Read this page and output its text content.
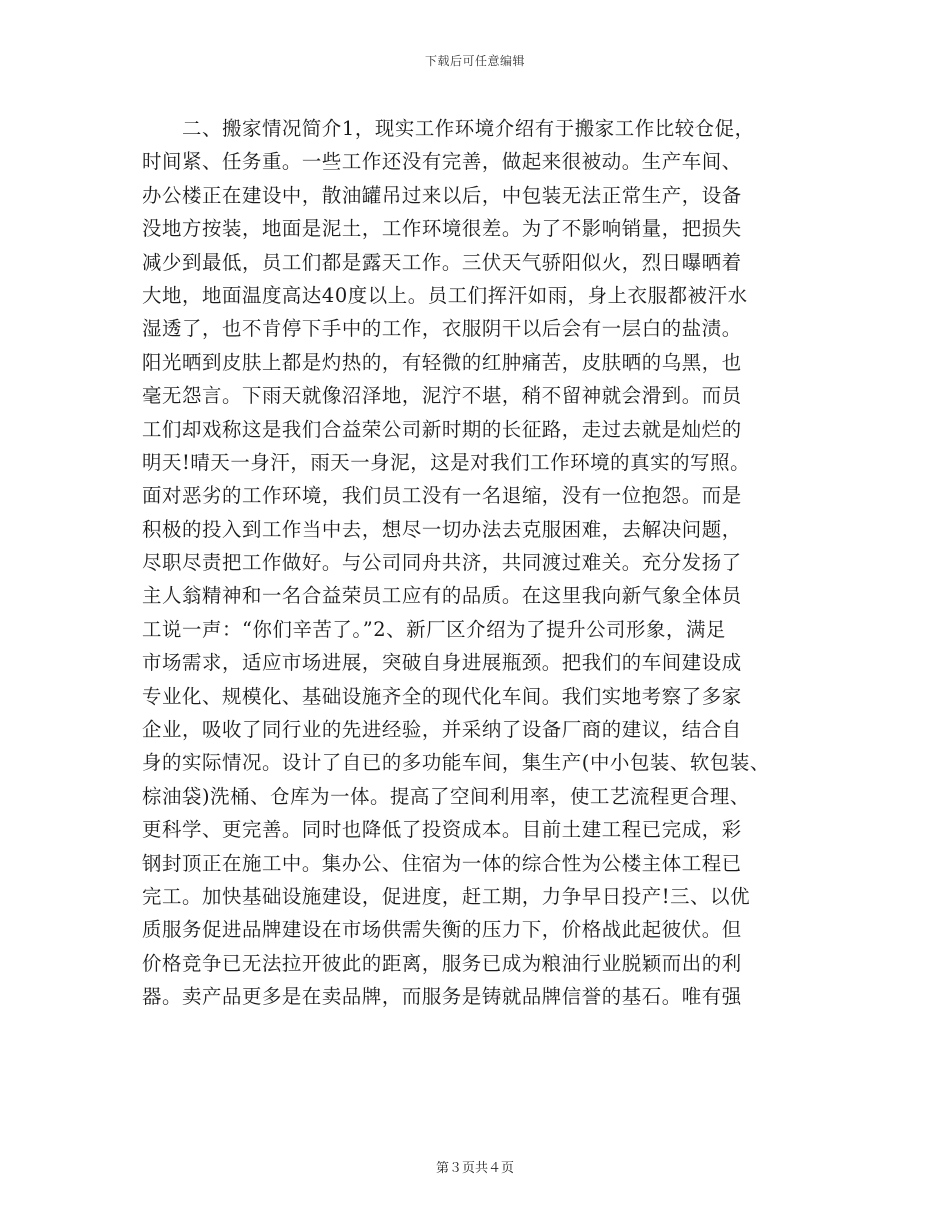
下载后可任意编辑
　　二、搬家情况简介1，现实工作环境介绍有于搬家工作比较仓促，
时间紧、任务重。一些工作还没有完善，做起来很被动。生产车间、
办公楼正在建设中，散油罐吊过来以后，中包装无法正常生产，设备
没地方按装，地面是泥土，工作环境很差。为了不影响销量，把损失
减少到最低，员工们都是露天工作。三伏天气骄阳似火，烈日曝晒着
大地，地面温度高达40度以上。员工们挥汗如雨，身上衣服都被汗水
湿透了，也不肯停下手中的工作，衣服阴干以后会有一层白的盐渍。
阳光晒到皮肤上都是灼热的，有轻微的红肿痛苦，皮肤晒的乌黑，也
毫无怨言。下雨天就像沼泽地，泥泞不堪，稍不留神就会滑到。而员
工们却戏称这是我们合益荣公司新时期的长征路，走过去就是灿烂的
明天!晴天一身汗，雨天一身泥，这是对我们工作环境的真实的写照。
面对恶劣的工作环境，我们员工没有一名退缩，没有一位抱怨。而是
积极的投入到工作当中去，想尽一切办法去克服困难，去解决问题，
尽职尽责把工作做好。与公司同舟共济，共同渡过难关。充分发扬了
主人翁精神和一名合益荣员工应有的品质。在这里我向新气象全体员
工说一声：“你们辛苦了。”2、新厂区介绍为了提升公司形象，满足
市场需求，适应市场进展，突破自身进展瓶颈。把我们的车间建设成
专业化、规模化、基础设施齐全的现代化车间。我们实地考察了多家
企业，吸收了同行业的先进经验，并采纳了设备厂商的建议，结合自
身的实际情况。设计了自已的多功能车间，集生产(中小包装、软包装、
棕油袋)洗桶、仓库为一体。提高了空间利用率，使工艺流程更合理、
更科学、更完善。同时也降低了投资成本。目前土建工程已完成，彩
钢封顶正在施工中。集办公、住宿为一体的综合性为公楼主体工程已
完工。加快基础设施建设，促进度，赶工期，力争早日投产!三、以优
质服务促进品牌建设在市场供需失衡的压力下，价格战此起彼伏。但
价格竞争已无法拉开彼此的距离，服务已成为粮油行业脱颖而出的利
器。卖产品更多是在卖品牌，而服务是铸就品牌信誉的基石。唯有强
第３页共４页
